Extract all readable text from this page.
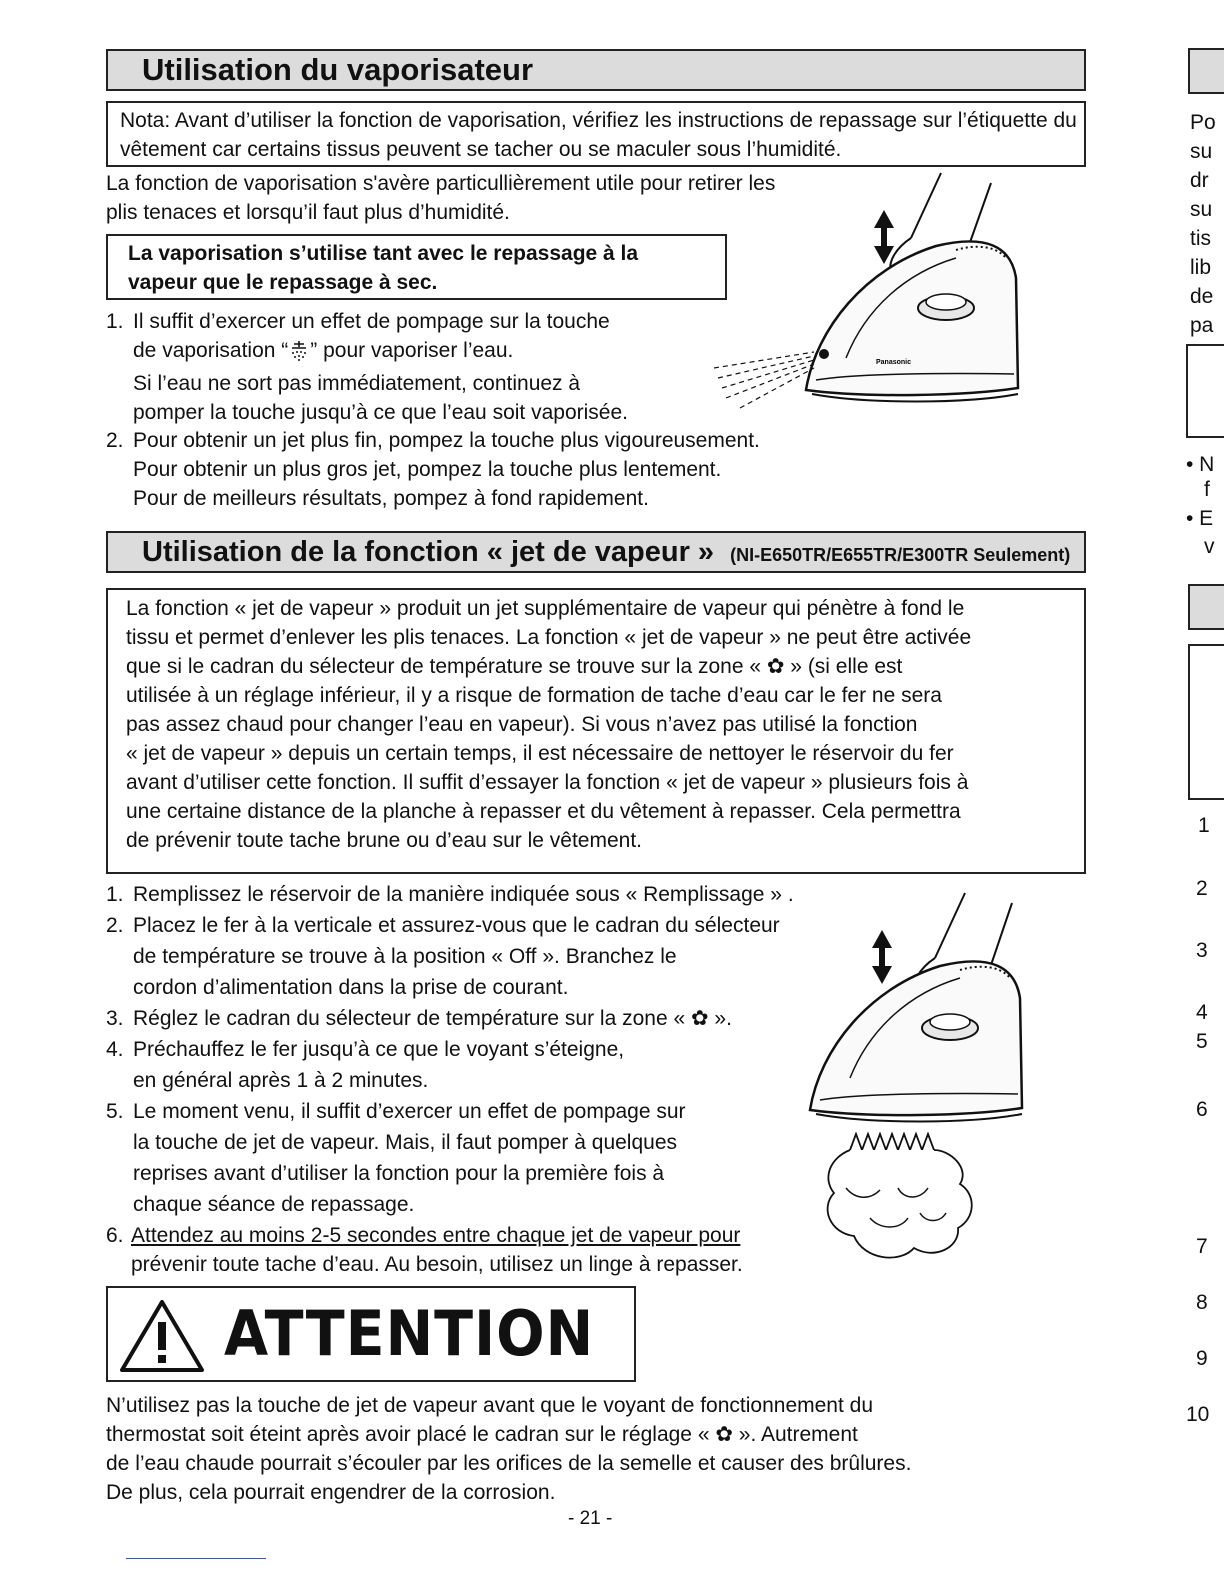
Utilisation du vaporisateur
Nota: Avant d’utiliser la fonction de vaporisation, vérifiez les instructions de repassage sur l’étiquette du vêtement car certains tissus peuvent se tacher ou se maculer sous l’humidité.
La fonction de vaporisation s'avère particullièrement utile pour retirer les
plis tenaces et lorsqu’il faut plus d’humidité.
La vaporisation s’utilise tant avec le repassage à la
vapeur que le repassage à sec.
1. Il suffit d’exercer un effet de pompage sur la touche
de vaporisation “ ” pour vaporiser l’eau.
Si l’eau ne sort pas immédiatement, continuez à
pomper la touche jusqu’à ce que l’eau soit vaporisée.
2. Pour obtenir un jet plus fin, pompez la touche plus vigoureusement.
Pour obtenir un plus gros jet, pompez la touche plus lentement.
Pour de meilleurs résultats, pompez à fond rapidement.
Panasonic
Utilisation de la fonction « jet de vapeur » (NI-E650TR/E655TR/E300TR Seulement)
La fonction « jet de vapeur » produit un jet supplémentaire de vapeur qui pénètre à fond le
tissu et permet d’enlever les plis tenaces. La fonction « jet de vapeur » ne peut être activée
que si le cadran du sélecteur de température se trouve sur la zone « ✿ » (si elle est
utilisée à un réglage inférieur, il y a risque de formation de tache d’eau car le fer ne sera
pas assez chaud pour changer l’eau en vapeur). Si vous n’avez pas utilisé la fonction
« jet de vapeur » depuis un certain temps, il est nécessaire de nettoyer le réservoir du fer
avant d’utiliser cette fonction. Il suffit d’essayer la fonction « jet de vapeur » plusieurs fois à
une certaine distance de la planche à repasser et du vêtement à repasser. Cela permettra
de prévenir toute tache brune ou d’eau sur le vêtement.
1. Remplissez le réservoir de la manière indiquée sous « Remplissage » .
2. Placez le fer à la verticale et assurez-vous que le cadran du sélecteur
de température se trouve à la position « Off ». Branchez le
cordon d’alimentation dans la prise de courant.
3. Réglez le cadran du sélecteur de température sur la zone « ✿ ».
4. Préchauffez le fer jusqu’à ce que le voyant s’éteigne,
en général après 1 à 2 minutes.
5. Le moment venu, il suffit d’exercer un effet de pompage sur
la touche de jet de vapeur. Mais, il faut pomper à quelques
reprises avant d’utiliser la fonction pour la première fois à
chaque séance de repassage.
6. Attendez au moins 2-5 secondes entre chaque jet de vapeur pour
prévenir toute tache d’eau. Au besoin, utilisez un linge à repasser.
ATTENTION
N’utilisez pas la touche de jet de vapeur avant que le voyant de fonctionnement du
thermostat soit éteint après avoir placé le cadran sur le réglage « ✿ ». Autrement
de l’eau chaude pourrait s’écouler par les orifices de la semelle et causer des brûlures.
De plus, cela pourrait engendrer de la corrosion.
- 21 -
Po
su
dr
su
tis
lib
de
pa
• N
f
• E
v
1
2
3
4
5
6
7
8
9
10
